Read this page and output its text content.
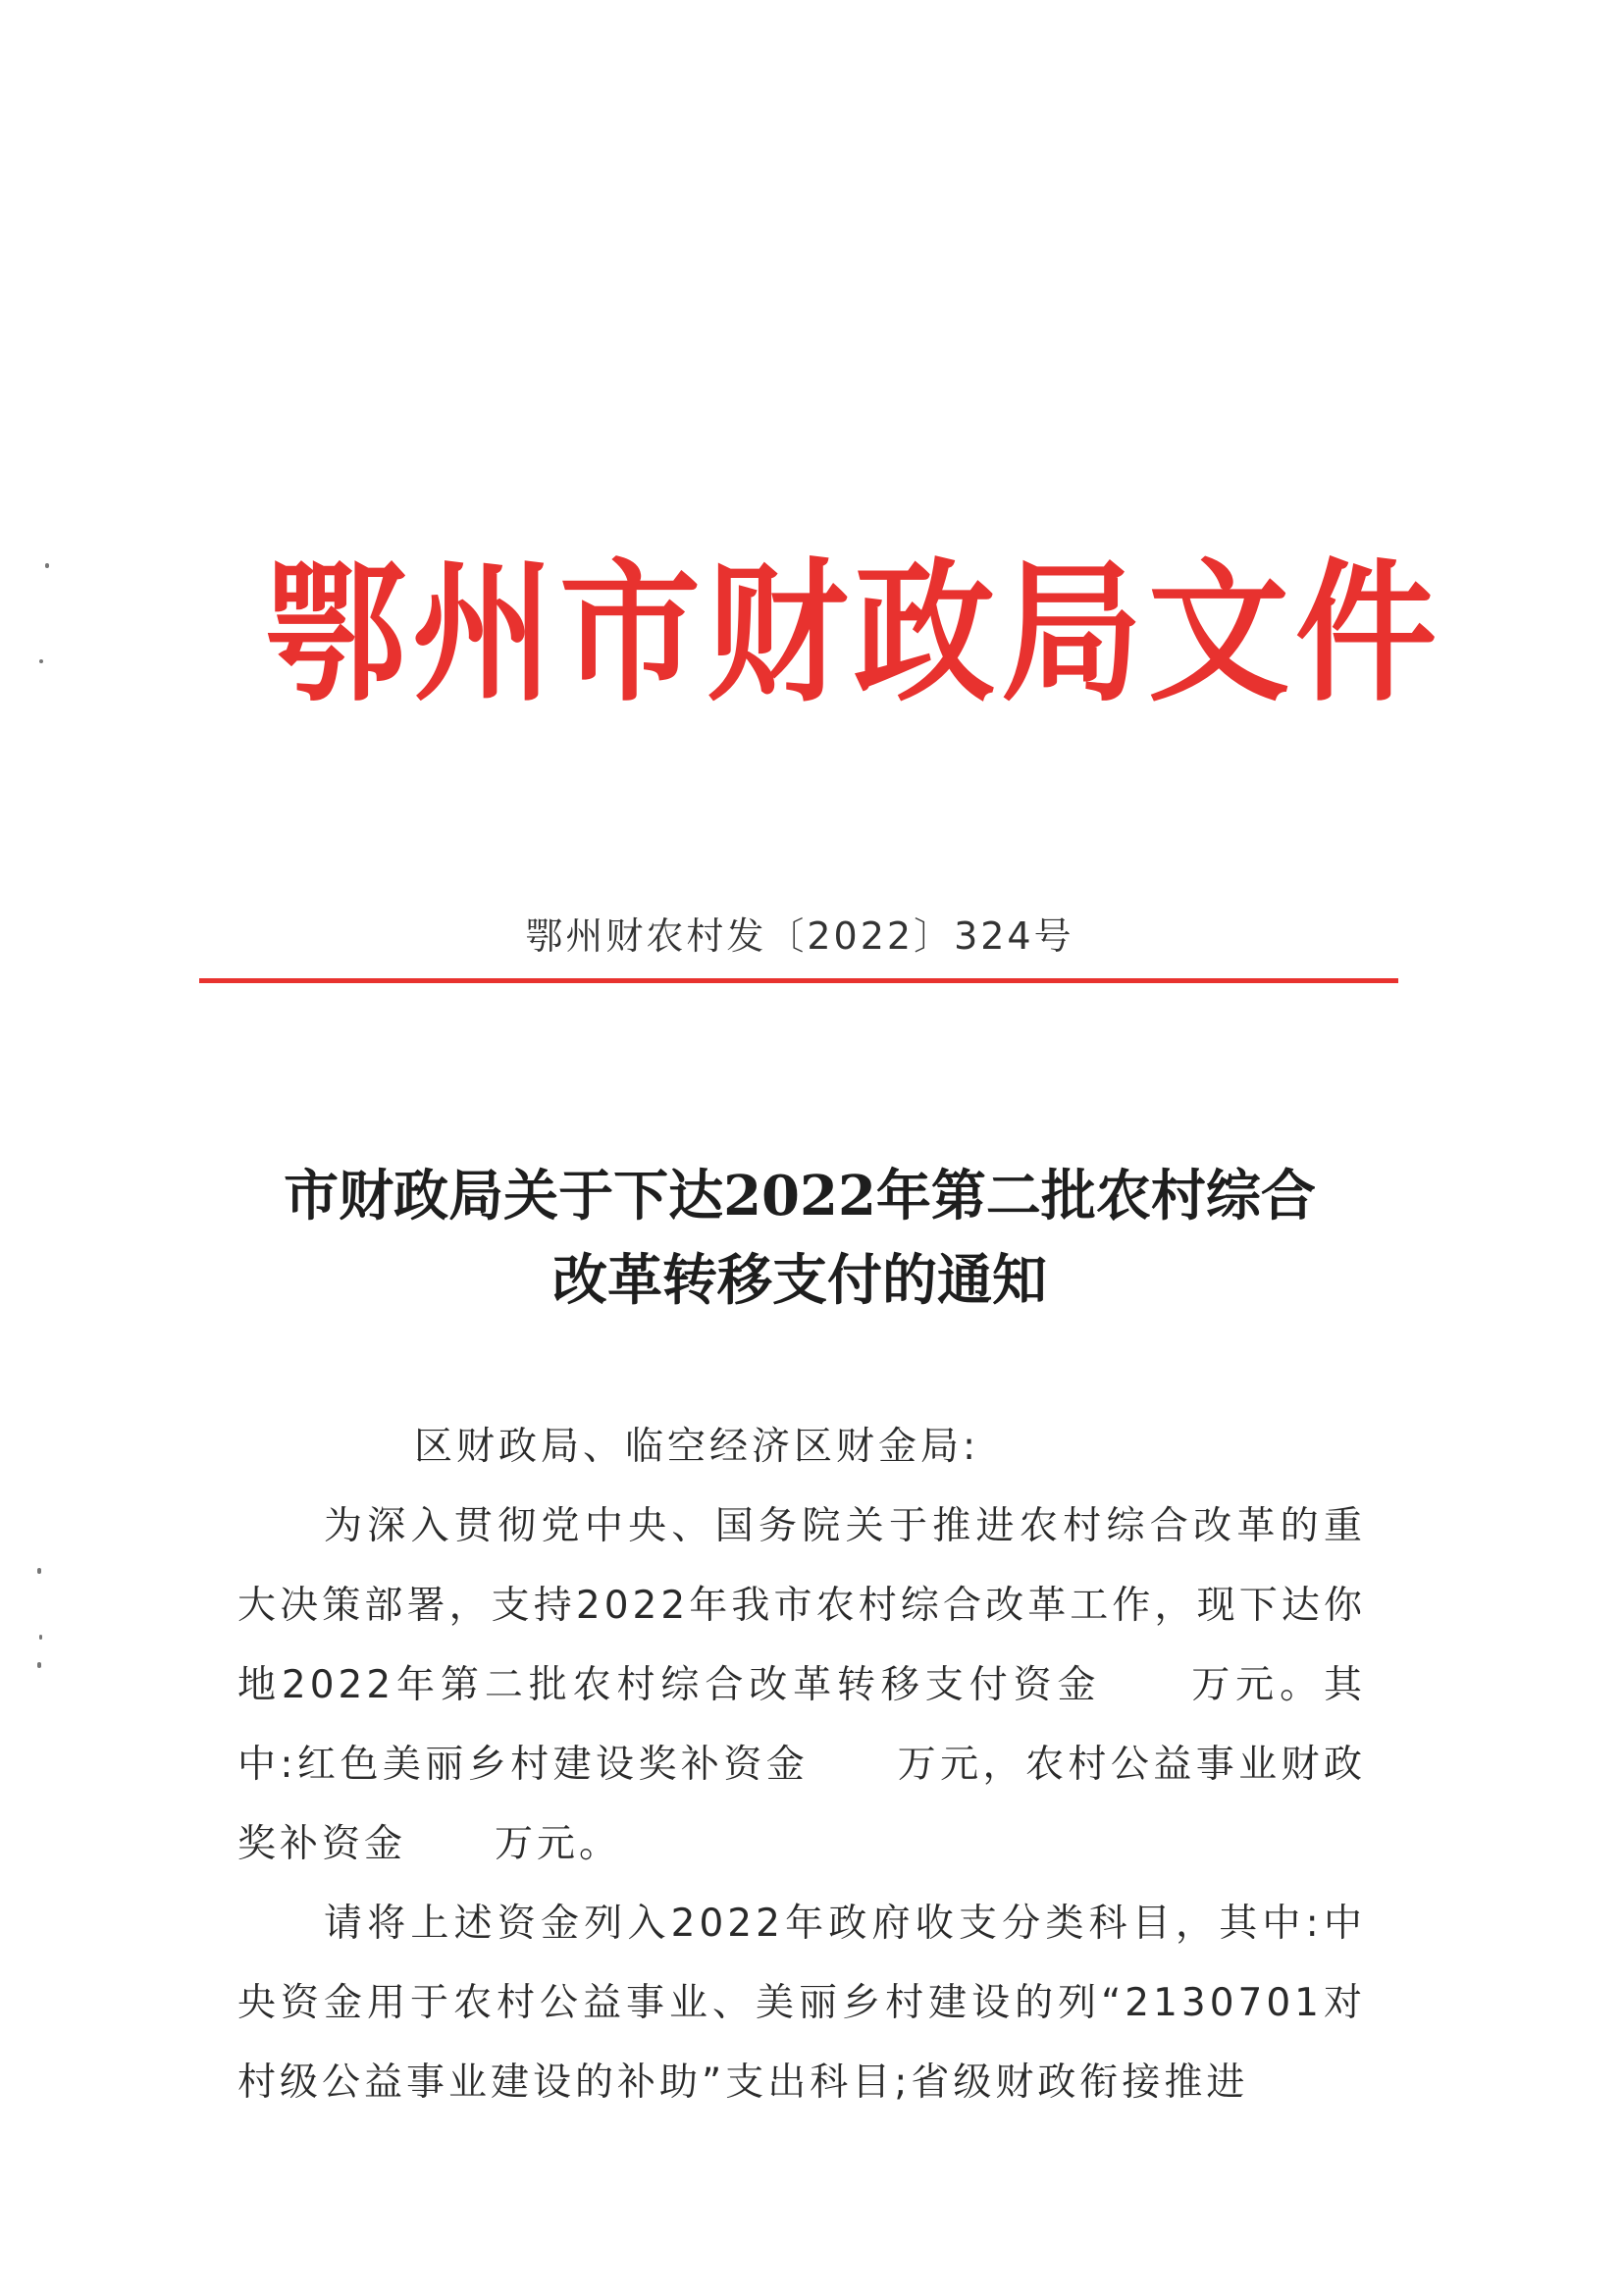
鄂州市财政局文件
鄂州财农村发〔2022〕324号
市财政局关于下达2022年第二批农村综合
改革转移支付的通知

区财政局、临空经济区财金局:

为深入贯彻党中央、国务院关于推进农村综合改革的重大决策部署，支持2022年我市农村综合改革工作，现下达你地2022年第二批农村综合改革转移支付资金 万元。其中:红色美丽乡村建设奖补资金 万元，农村公益事业财政奖补资金 万元。

请将上述资金列入2022年政府收支分类科目，其中:中央资金用于农村公益事业、美丽乡村建设的列“2130701对村级公益事业建设的补助”支出科目;省级财政衔接推进
